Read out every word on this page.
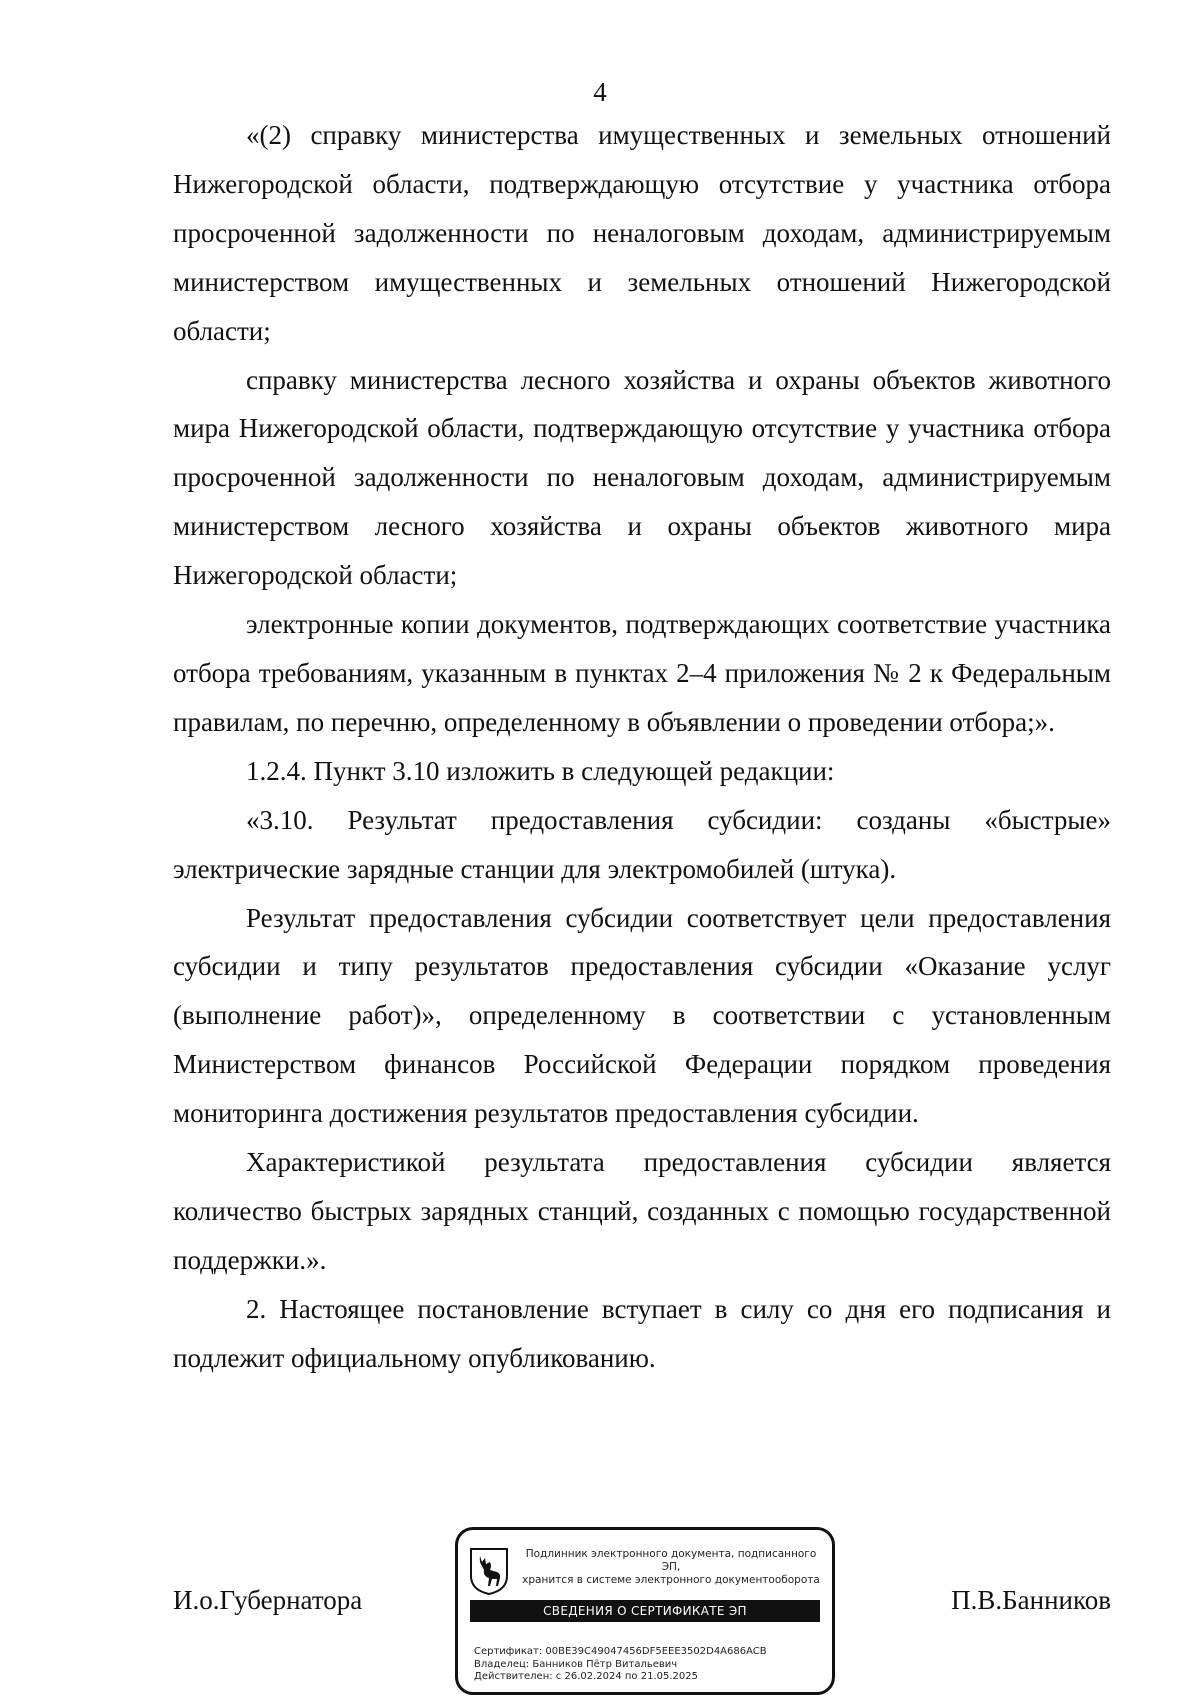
4

«(2) справку министерства имущественных и земельных отношений Нижегородской области, подтверждающую отсутствие у участника отбора просроченной задолженности по неналоговым доходам, администрируемым министерством имущественных и земельных отношений Нижегородской области;

справку министерства лесного хозяйства и охраны объектов животного мира Нижегородской области, подтверждающую отсутствие у участника отбора просроченной задолженности по неналоговым доходам, администрируемым министерством лесного хозяйства и охраны объектов животного мира Нижегородской области;

электронные копии документов, подтверждающих соответствие участника отбора требованиям, указанным в пунктах 2–4 приложения № 2 к Федеральным правилам, по перечню, определенному в объявлении о проведении отбора;».

1.2.4. Пункт 3.10 изложить в следующей редакции:

«3.10. Результат предоставления субсидии: созданы «быстрые» электрические зарядные станции для электромобилей (штука).

Результат предоставления субсидии соответствует цели предоставления субсидии и типу результатов предоставления субсидии «Оказание услуг (выполнение работ)», определенному в соответствии с установленным Министерством финансов Российской Федерации порядком проведения мониторинга достижения результатов предоставления субсидии.

Характеристикой результата предоставления субсидии является количество быстрых зарядных станций, созданных с помощью государственной поддержки.».

2. Настоящее постановление вступает в силу со дня его подписания и подлежит официальному опубликованию.

И.о.Губернатора	П.В.Банников
Подлинник электронного документа, подписанного ЭП,
хранится в системе электронного документооборота
СВЕДЕНИЯ О СЕРТИФИКАТЕ ЭП
Сертификат: 00BE39C49047456DF5EEE3502D4A686ACB
Владелец: Банников Пётр Витальевич
Действителен: с 26.02.2024 по 21.05.2025
